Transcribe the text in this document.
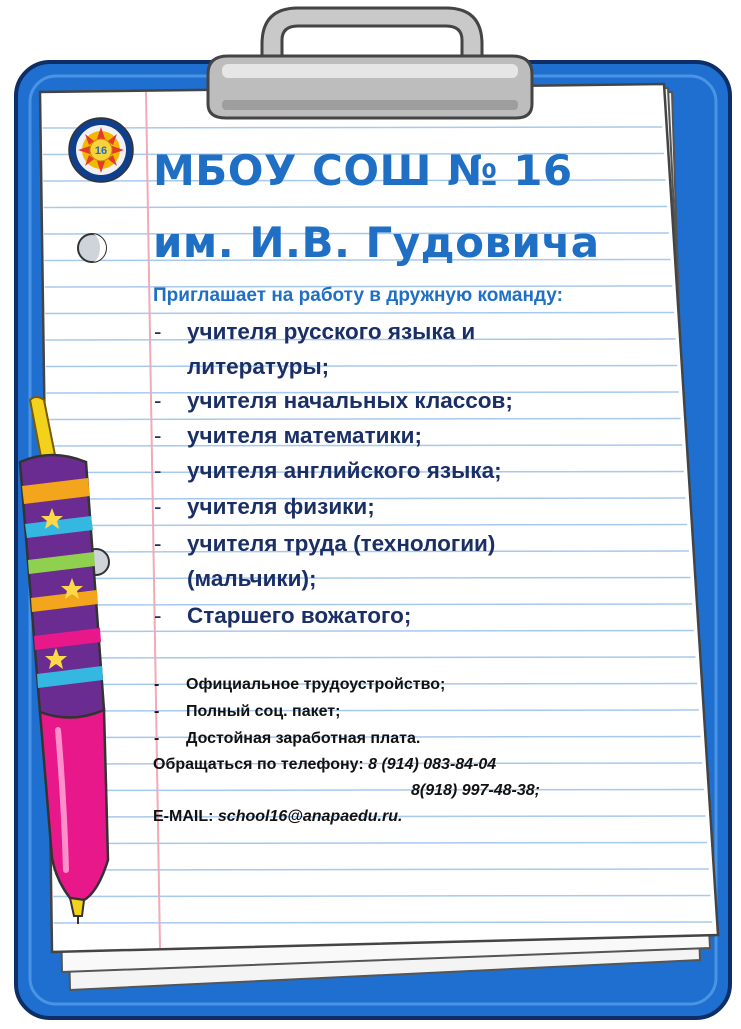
16 МБОУ СОШ № 16
им. И.В. Гудовича

Приглашает на работу в дружную команду:

- учителя русского языка и литературы;
- учителя начальных классов;
- учителя математики;
- учителя английского языка;
- учителя физики;
- учителя труда (технологии) (мальчики);
- Старшего вожатого;
- Официальное трудоустройство;
- Полный соц. пакет;
- Достойная заработная плата.
Обращаться по телефону: 8 (914) 083-84-04
8(918) 997-48-38;
E-MAIL: school16@anapaedu.ru.
